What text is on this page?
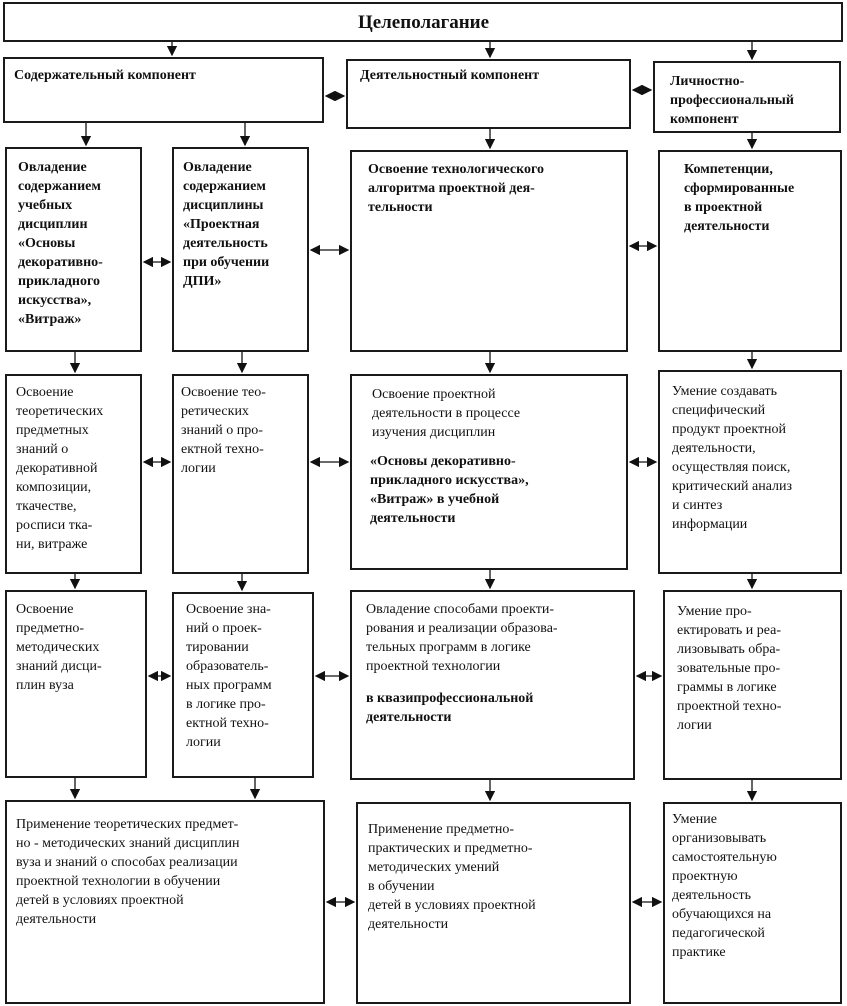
Целеполагание
Содержательный компонент	Деятельностный компонент	Личностно-
профессиональный
компонент
Овладение
содержанием
учебных
дисциплин
«Основы
декоративно-
прикладного
искусства»,
«Витраж»
Овладение
содержанием
дисциплины
«Проектная
деятельность
при обучении
ДПИ»
Освоение технологического
алгоритма проектной дея-
тельности
Компетенции,
сформированные
в проектной
деятельности
Освоение
теоретических
предметных
знаний о
декоративной
композиции,
ткачестве,
росписи тка-
ни, витраже
Освоение тео-
ретических
знаний о про-
ектной техно-
логии
Освоение проектной
деятельности в процессе
изучения дисциплин
«Основы декоративно-
прикладного искусства»,
«Витраж» в учебной
деятельности
Умение создавать
специфический
продукт проектной
деятельности,
осуществляя поиск,
критический анализ
и синтез
информации
Освоение
предметно-
методических
знаний дисци-
плин вуза
Освоение зна-
ний о проек-
тировании
образователь-
ных программ
в логике про-
ектной техно-
логии
Овладение способами проекти-
рования и реализации образова-
тельных программ в логике
проектной технологии
в квазипрофессиональной
деятельности
Умение про-
ектировать и реа-
лизовывать обра-
зовательные про-
граммы в логике
проектной техно-
логии
Применение теоретических предмет-
но - методических знаний дисциплин
вуза и знаний о способах реализации
проектной технологии в обучении
детей в условиях проектной
деятельности
Применение предметно-
практических и предметно-
методических умений
в обучении
детей в условиях проектной
деятельности
Умение
организовывать
самостоятельную
проектную
деятельность
обучающихся на
педагогической
практике
